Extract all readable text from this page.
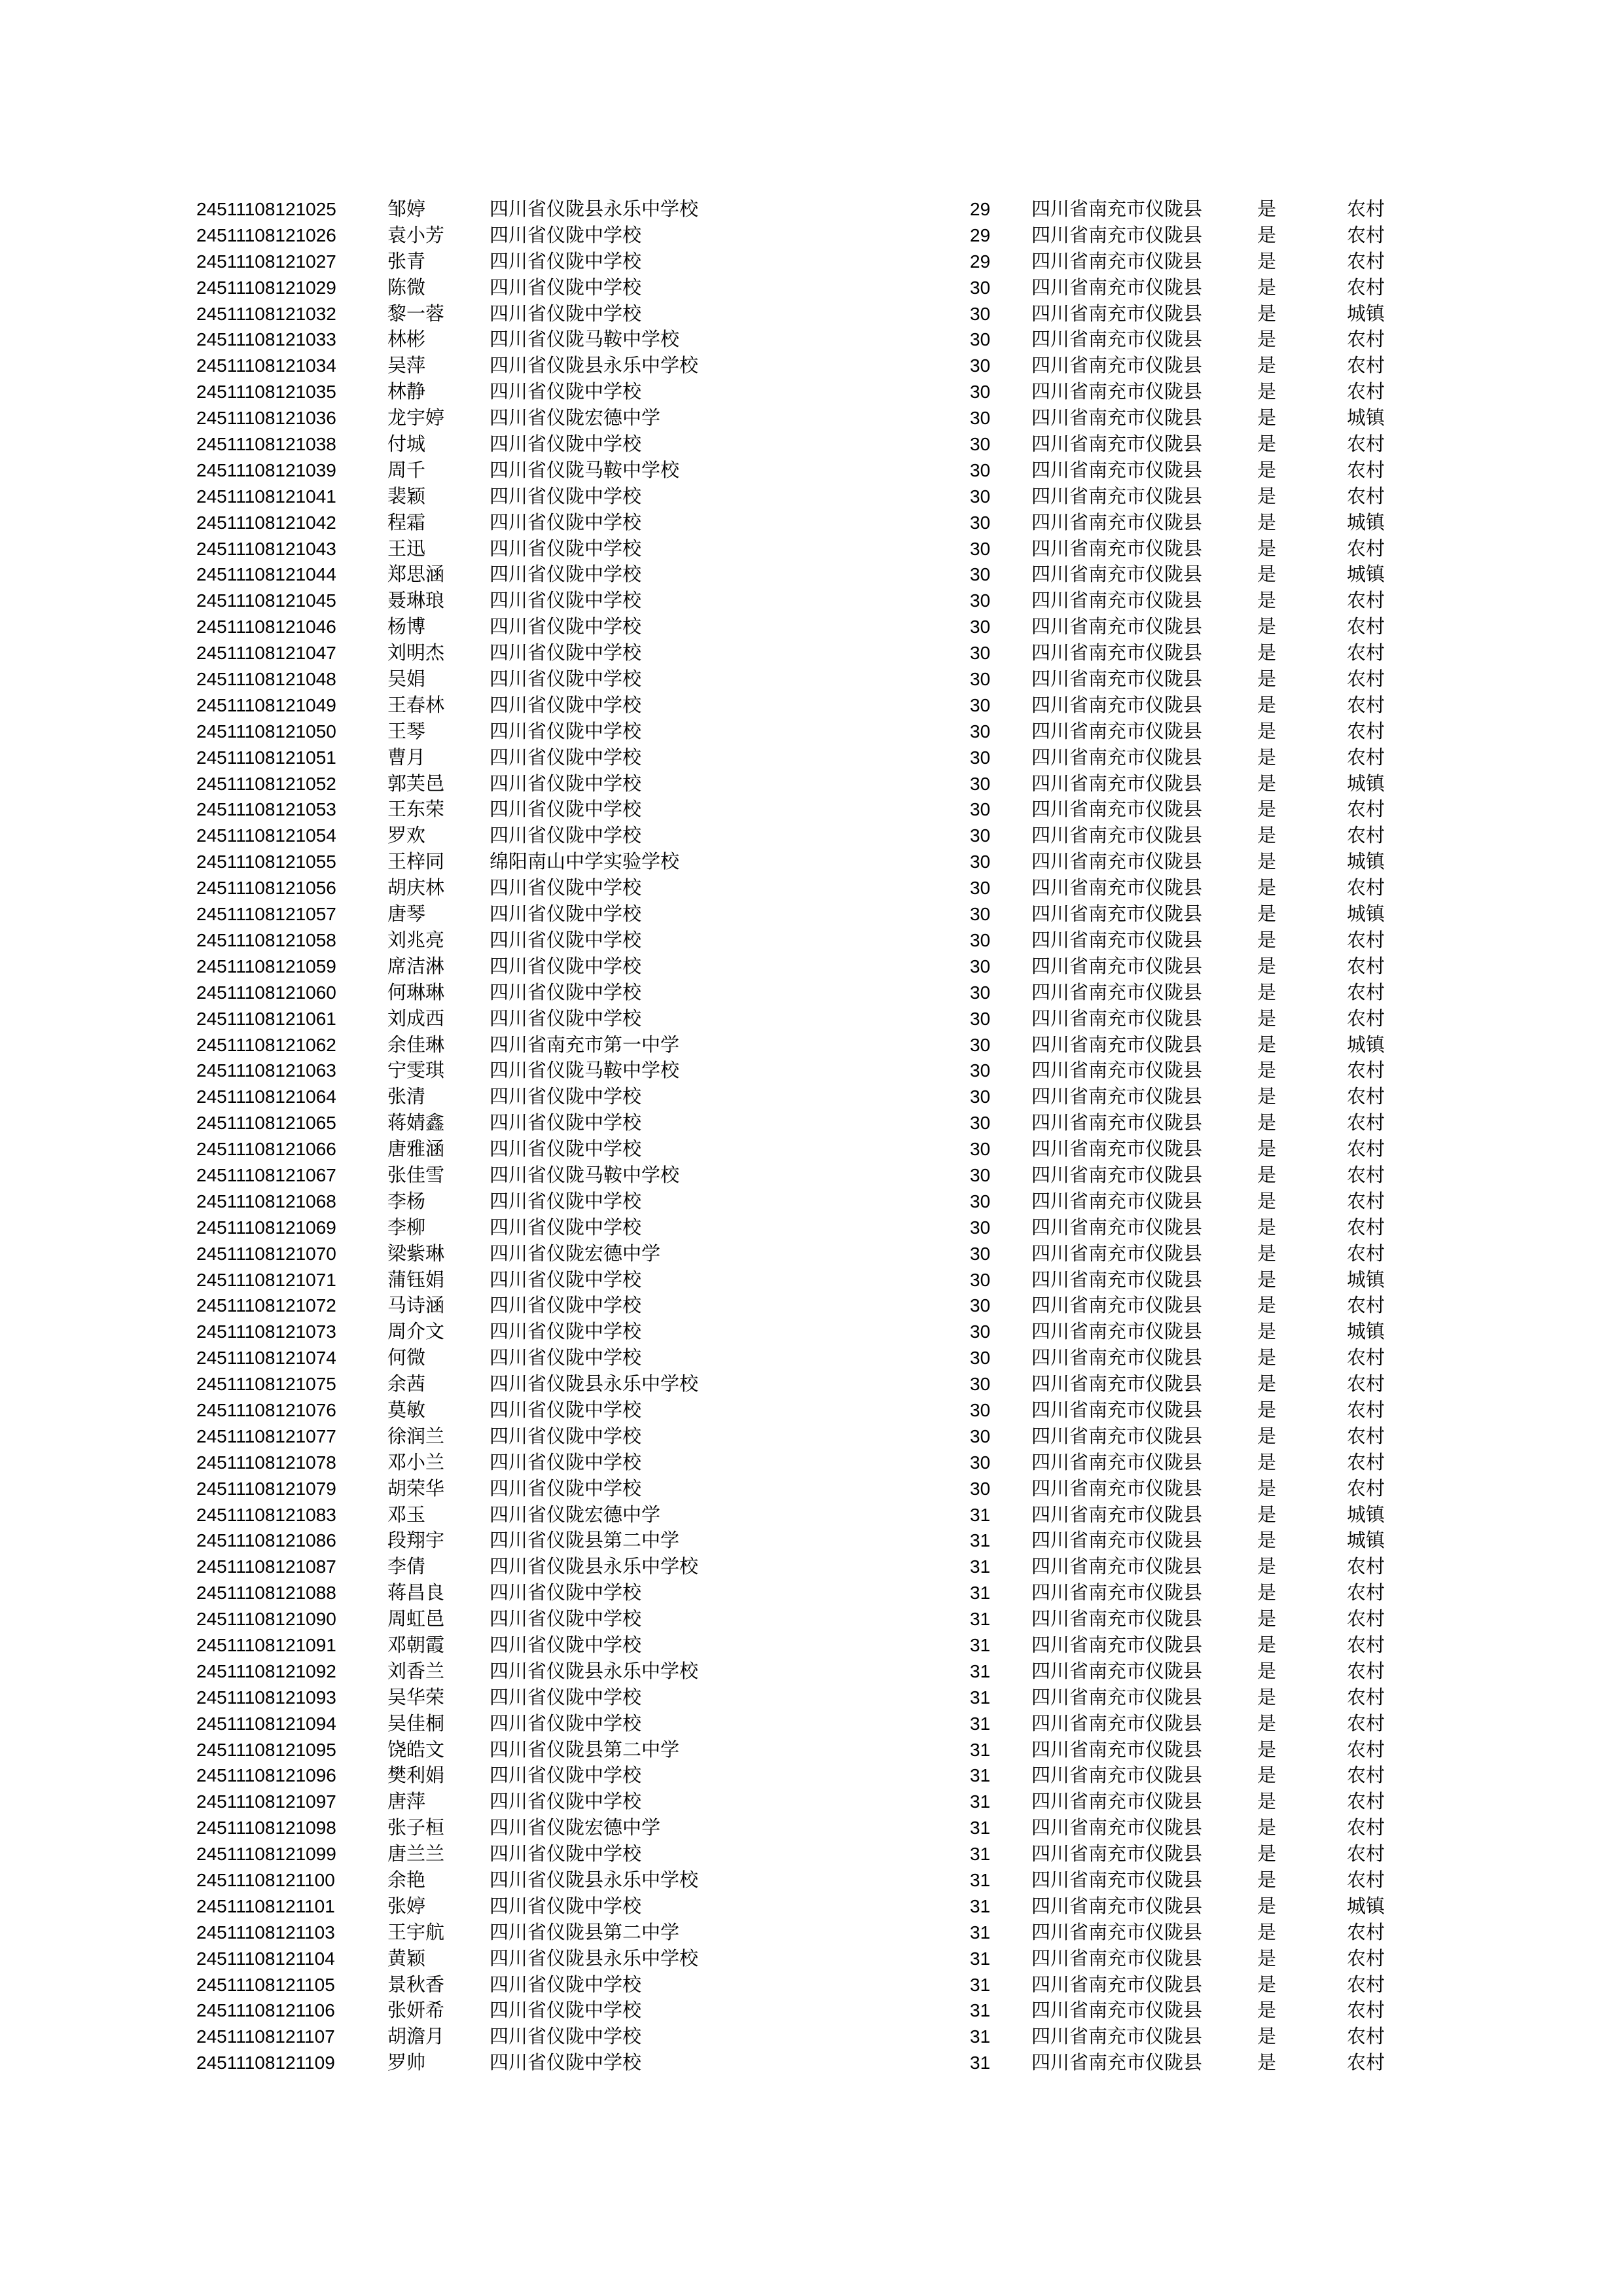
24511108121025	邹婷	四川省仪陇县永乐中学校	29 四川省南充市仪陇县	是	农村
24511108121026	袁小芳 四川省仪陇中学校	29 四川省南充市仪陇县	是	农村
24511108121027	张青	四川省仪陇中学校	29 四川省南充市仪陇县	是	农村
24511108121029	陈微	四川省仪陇中学校	30 四川省南充市仪陇县	是	农村
24511108121032	黎一蓉 四川省仪陇中学校	30 四川省南充市仪陇县	是	城镇
24511108121033	林彬	四川省仪陇马鞍中学校	30 四川省南充市仪陇县	是	农村
24511108121034	吴萍	四川省仪陇县永乐中学校	30 四川省南充市仪陇县	是	农村
24511108121035	林静	四川省仪陇中学校	30 四川省南充市仪陇县	是	农村
24511108121036	龙宇婷 四川省仪陇宏德中学	30 四川省南充市仪陇县	是	城镇
24511108121038	付城	四川省仪陇中学校	30 四川省南充市仪陇县	是	农村
24511108121039	周千	四川省仪陇马鞍中学校	30 四川省南充市仪陇县	是	农村
24511108121041	裴颖	四川省仪陇中学校	30 四川省南充市仪陇县	是	农村
24511108121042	程霜	四川省仪陇中学校	30 四川省南充市仪陇县	是	城镇
24511108121043	王迅	四川省仪陇中学校	30 四川省南充市仪陇县	是	农村
24511108121044	郑思涵 四川省仪陇中学校	30 四川省南充市仪陇县	是	城镇
24511108121045	聂琳琅 四川省仪陇中学校	30 四川省南充市仪陇县	是	农村
24511108121046	杨博	四川省仪陇中学校	30 四川省南充市仪陇县	是	农村
24511108121047	刘明杰 四川省仪陇中学校	30 四川省南充市仪陇县	是	农村
24511108121048	吴娟	四川省仪陇中学校	30 四川省南充市仪陇县	是	农村
24511108121049	王春林 四川省仪陇中学校	30 四川省南充市仪陇县	是	农村
24511108121050	王琴	四川省仪陇中学校	30 四川省南充市仪陇县	是	农村
24511108121051	曹月	四川省仪陇中学校	30 四川省南充市仪陇县	是	农村
24511108121052	郭芙邑 四川省仪陇中学校	30 四川省南充市仪陇县	是	城镇
24511108121053	王东荣 四川省仪陇中学校	30 四川省南充市仪陇县	是	农村
24511108121054	罗欢	四川省仪陇中学校	30 四川省南充市仪陇县	是	农村
24511108121055	王梓同 绵阳南山中学实验学校	30 四川省南充市仪陇县	是	城镇
24511108121056	胡庆林 四川省仪陇中学校	30 四川省南充市仪陇县	是	农村
24511108121057	唐琴	四川省仪陇中学校	30 四川省南充市仪陇县	是	城镇
24511108121058	刘兆亮 四川省仪陇中学校	30 四川省南充市仪陇县	是	农村
24511108121059	席洁淋 四川省仪陇中学校	30 四川省南充市仪陇县	是	农村
24511108121060	何琳琳 四川省仪陇中学校	30 四川省南充市仪陇县	是	农村
24511108121061	刘成西 四川省仪陇中学校	30 四川省南充市仪陇县	是	农村
24511108121062	余佳琳 四川省南充市第一中学	30 四川省南充市仪陇县	是	城镇
24511108121063	宁雯琪 四川省仪陇马鞍中学校	30 四川省南充市仪陇县	是	农村
24511108121064	张清	四川省仪陇中学校	30 四川省南充市仪陇县	是	农村
24511108121065	蒋婧鑫 四川省仪陇中学校	30 四川省南充市仪陇县	是	农村
24511108121066	唐雅涵 四川省仪陇中学校	30 四川省南充市仪陇县	是	农村
24511108121067	张佳雪 四川省仪陇马鞍中学校	30 四川省南充市仪陇县	是	农村
24511108121068	李杨	四川省仪陇中学校	30 四川省南充市仪陇县	是	农村
24511108121069	李柳	四川省仪陇中学校	30 四川省南充市仪陇县	是	农村
24511108121070	梁紫琳 四川省仪陇宏德中学	30 四川省南充市仪陇县	是	农村
24511108121071	蒲钰娟 四川省仪陇中学校	30 四川省南充市仪陇县	是	城镇
24511108121072	马诗涵 四川省仪陇中学校	30 四川省南充市仪陇县	是	农村
24511108121073	周介文 四川省仪陇中学校	30 四川省南充市仪陇县	是	城镇
24511108121074	何微	四川省仪陇中学校	30 四川省南充市仪陇县	是	农村
24511108121075	余茜	四川省仪陇县永乐中学校	30 四川省南充市仪陇县	是	农村
24511108121076	莫敏	四川省仪陇中学校	30 四川省南充市仪陇县	是	农村
24511108121077	徐润兰 四川省仪陇中学校	30 四川省南充市仪陇县	是	农村
24511108121078	邓小兰 四川省仪陇中学校	30 四川省南充市仪陇县	是	农村
24511108121079	胡荣华 四川省仪陇中学校	30 四川省南充市仪陇县	是	农村
24511108121083	邓玉	四川省仪陇宏德中学	31 四川省南充市仪陇县	是	城镇
24511108121086	段翔宇 四川省仪陇县第二中学	31 四川省南充市仪陇县	是	城镇
24511108121087	李倩	四川省仪陇县永乐中学校	31 四川省南充市仪陇县	是	农村
24511108121088	蒋昌良 四川省仪陇中学校	31 四川省南充市仪陇县	是	农村
24511108121090	周虹邑 四川省仪陇中学校	31 四川省南充市仪陇县	是	农村
24511108121091	邓朝霞 四川省仪陇中学校	31 四川省南充市仪陇县	是	农村
24511108121092	刘香兰 四川省仪陇县永乐中学校	31 四川省南充市仪陇县	是	农村
24511108121093	吴华荣 四川省仪陇中学校	31 四川省南充市仪陇县	是	农村
24511108121094	吴佳桐 四川省仪陇中学校	31 四川省南充市仪陇县	是	农村
24511108121095	饶皓文 四川省仪陇县第二中学	31 四川省南充市仪陇县	是	农村
24511108121096	樊利娟 四川省仪陇中学校	31 四川省南充市仪陇县	是	农村
24511108121097	唐萍	四川省仪陇中学校	31 四川省南充市仪陇县	是	农村
24511108121098	张子桓 四川省仪陇宏德中学	31 四川省南充市仪陇县	是	农村
24511108121099	唐兰兰 四川省仪陇中学校	31 四川省南充市仪陇县	是	农村
24511108121100	余艳	四川省仪陇县永乐中学校	31 四川省南充市仪陇县	是	农村
24511108121101	张婷	四川省仪陇中学校	31 四川省南充市仪陇县	是	城镇
24511108121103	王宇航 四川省仪陇县第二中学	31 四川省南充市仪陇县	是	农村
24511108121104	黄颖	四川省仪陇县永乐中学校	31 四川省南充市仪陇县	是	农村
24511108121105	景秋香 四川省仪陇中学校	31 四川省南充市仪陇县	是	农村
24511108121106	张妍希 四川省仪陇中学校	31 四川省南充市仪陇县	是	农村
24511108121107	胡澹月 四川省仪陇中学校	31 四川省南充市仪陇县	是	农村
24511108121109	罗帅	四川省仪陇中学校	31 四川省南充市仪陇县	是	农村
